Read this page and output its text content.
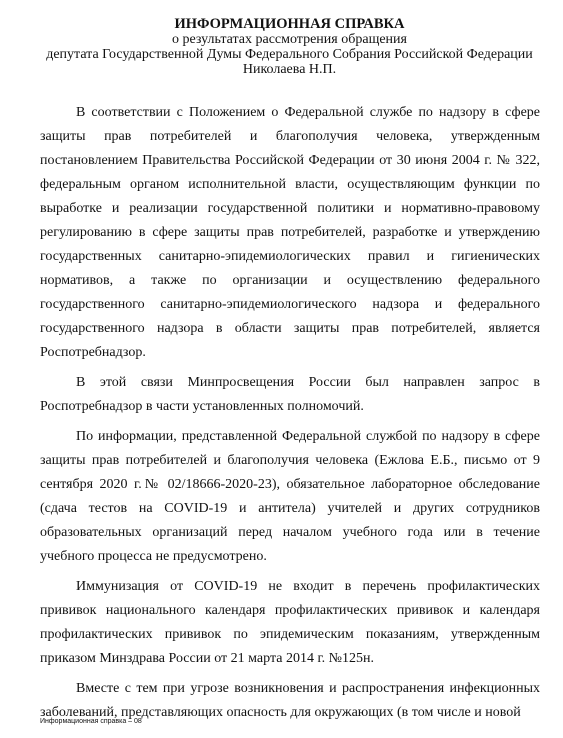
ИНФОРМАЦИОННАЯ СПРАВКА
о результатах рассмотрения обращения
депутата Государственной Думы Федерального Собрания Российской Федерации
Николаева Н.П.

В соответствии с Положением о Федеральной службе по надзору в сфере защиты прав потребителей и благополучия человека, утвержденным постановлением Правительства Российской Федерации от 30 июня 2004 г. № 322, федеральным органом исполнительной власти, осуществляющим функции по выработке и реализации государственной политики и нормативно-правовому регулированию в сфере защиты прав потребителей, разработке и утверждению государственных санитарно-эпидемиологических правил и гигиенических нормативов, а также по организации и осуществлению федерального государственного санитарно-эпидемиологического надзора и федерального государственного надзора в области защиты прав потребителей, является Роспотребнадзор.

В этой связи Минпросвещения России был направлен запрос в Роспотребнадзор в части установленных полномочий.

По информации, представленной Федеральной службой по надзору в сфере защиты прав потребителей и благополучия человека (Ежлова Е.Б., письмо от 9 сентября 2020 г.№ 02/18666-2020-23), обязательное лабораторное обследование (сдача тестов на COVID-19 и антитела) учителей и других сотрудников образовательных организаций перед началом учебного года или в течение учебного процесса не предусмотрено.

Иммунизация от COVID-19 не входит в перечень профилактических прививок национального календаря профилактических прививок и календаря профилактических прививок по эпидемическим показаниям, утвержденным приказом Минздрава России от 21 марта 2014 г. №125н.

Вместе с тем при угрозе возникновения и распространения инфекционных заболеваний, представляющих опасность для окружающих (в том числе и новой

Информационная справка – 08
